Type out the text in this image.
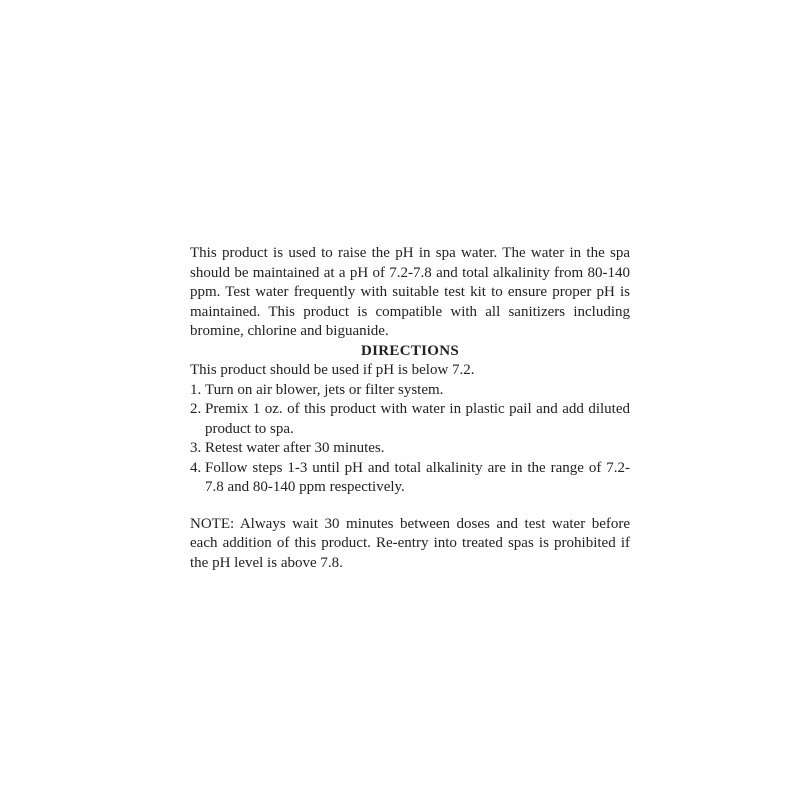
This product is used to raise the pH in spa water. The water in the spa should be maintained at a pH of 7.2-7.8 and total alkalinity from 80-140 ppm. Test water frequently with suitable test kit to ensure proper pH is maintained. This product is compatible with all sanitizers including bromine, chlorine and biguanide.

DIRECTIONS

This product should be used if pH is below 7.2.

1. Turn on air blower, jets or filter system.
2. Premix 1 oz. of this product with water in plastic pail and add diluted product to spa.
3. Retest water after 30 minutes.
4. Follow steps 1-3 until pH and total alkalinity are in the range of 7.2-7.8 and 80-140 ppm respectively.

NOTE: Always wait 30 minutes between doses and test water before each addition of this product. Re-entry into treated spas is prohibited if the pH level is above 7.8.
